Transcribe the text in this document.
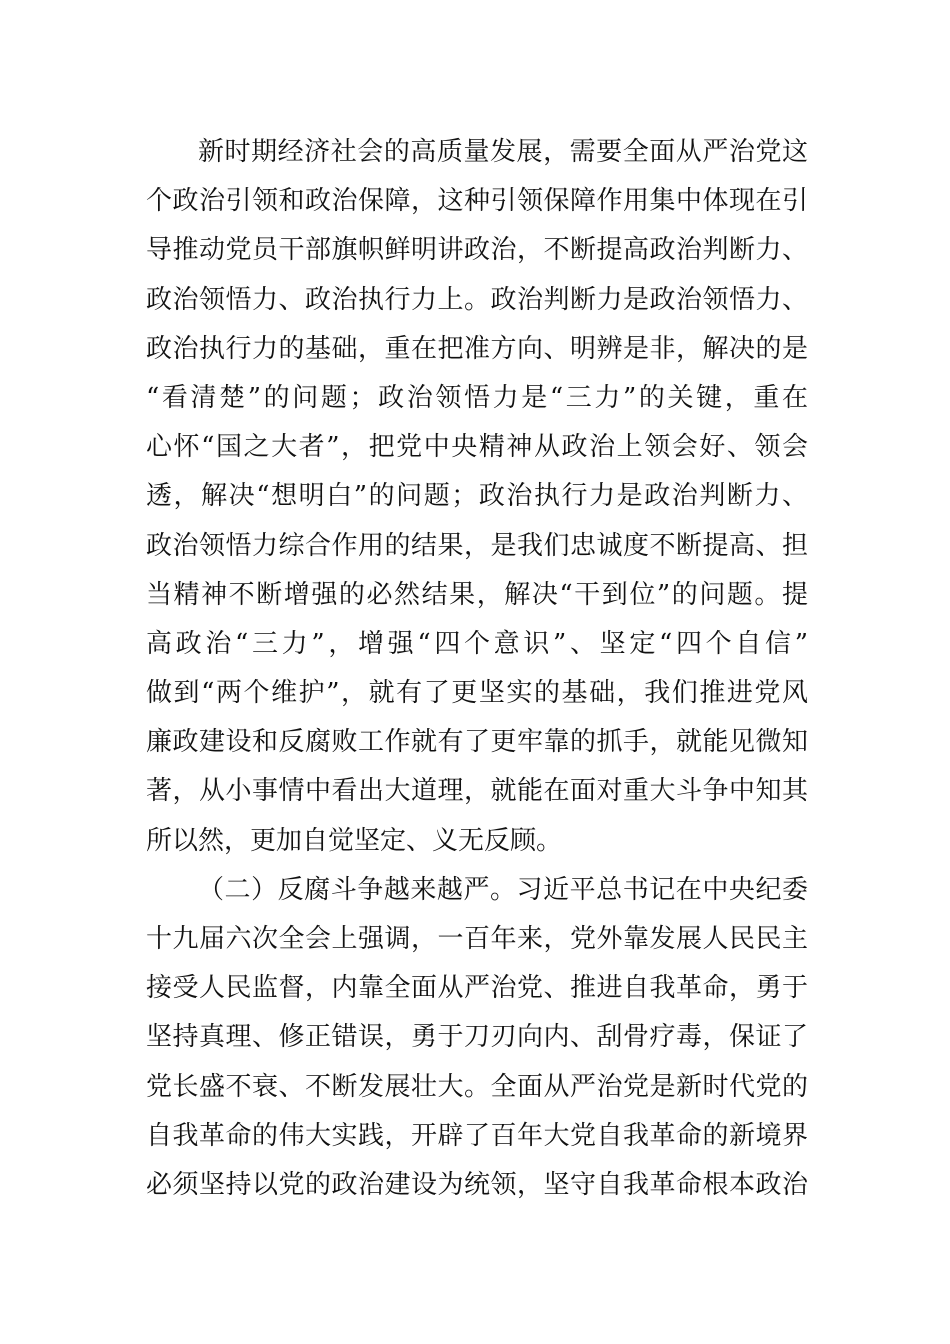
新时期经济社会的高质量发展，需要全面从严治党这
个政治引领和政治保障，这种引领保障作用集中体现在引
导推动党员干部旗帜鲜明讲政治，不断提高政治判断力、
政治领悟力、政治执行力上。政治判断力是政治领悟力、
政治执行力的基础，重在把准方向、明辨是非，解决的是
“看清楚”的问题；政治领悟力是“三力”的关键，重在
心怀“国之大者”，把党中央精神从政治上领会好、领会
透，解决“想明白”的问题；政治执行力是政治判断力、
政治领悟力综合作用的结果，是我们忠诚度不断提高、担
当精神不断增强的必然结果，解决“干到位”的问题。提
高政治“三力”，增强“四个意识”、坚定“四个自信”
做到“两个维护”，就有了更坚实的基础，我们推进党风
廉政建设和反腐败工作就有了更牢靠的抓手，就能见微知
著，从小事情中看出大道理，就能在面对重大斗争中知其
所以然，更加自觉坚定、义无反顾。
（二）反腐斗争越来越严。习近平总书记在中央纪委
十九届六次全会上强调，一百年来，党外靠发展人民民主
接受人民监督，内靠全面从严治党、推进自我革命，勇于
坚持真理、修正错误，勇于刀刃向内、刮骨疗毒，保证了
党长盛不衰、不断发展壮大。全面从严治党是新时代党的
自我革命的伟大实践，开辟了百年大党自我革命的新境界
必须坚持以党的政治建设为统领，坚守自我革命根本政治
